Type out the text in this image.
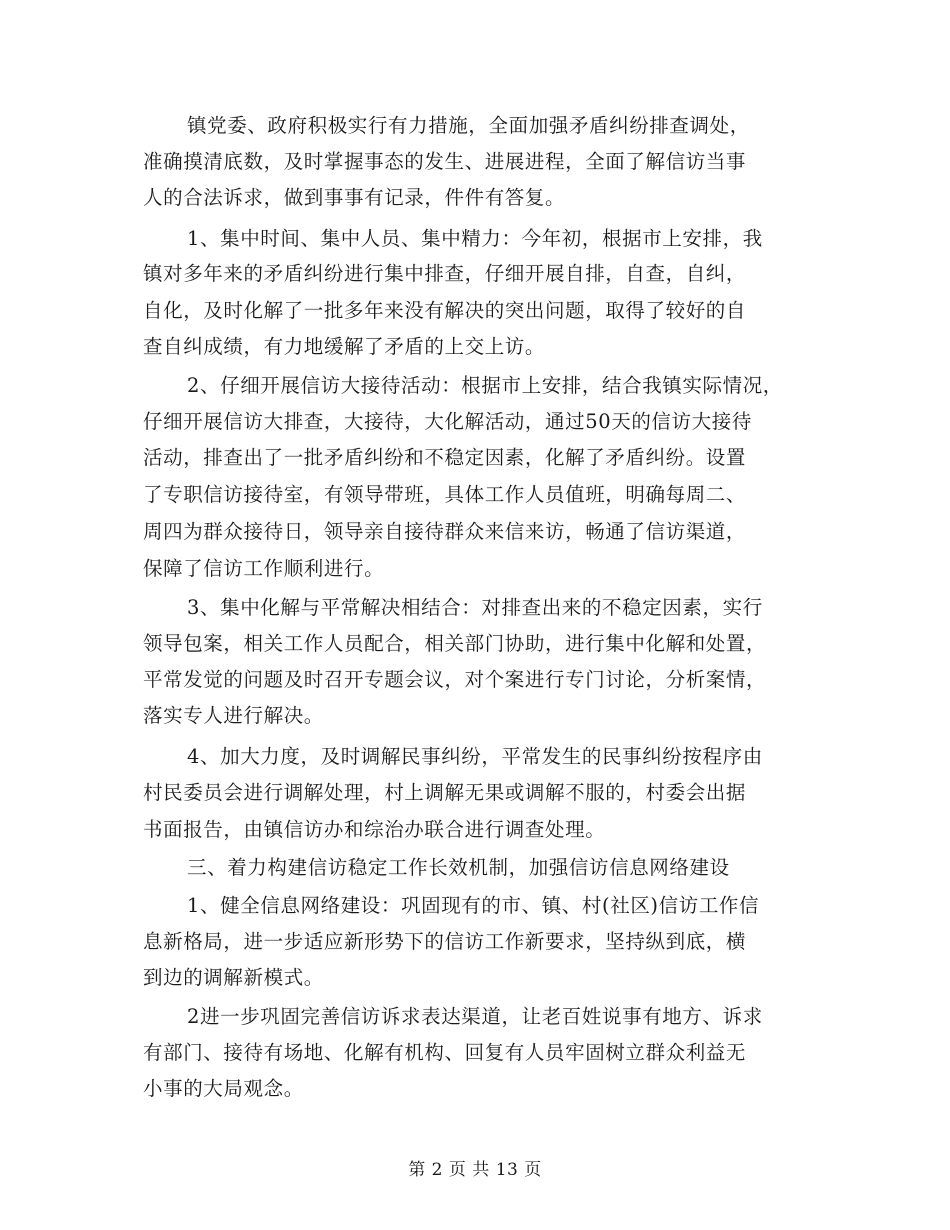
镇党委、政府积极实行有力措施，全面加强矛盾纠纷排查调处，
准确摸清底数，及时掌握事态的发生、进展进程，全面了解信访当事
人的合法诉求，做到事事有记录，件件有答复。
1、集中时间、集中人员、集中精力：今年初，根据市上安排，我
镇对多年来的矛盾纠纷进行集中排查，仔细开展自排，自查，自纠，
自化，及时化解了一批多年来没有解决的突出问题，取得了较好的自
查自纠成绩，有力地缓解了矛盾的上交上访。
2、仔细开展信访大接待活动：根据市上安排，结合我镇实际情况，
仔细开展信访大排查，大接待，大化解活动，通过50天的信访大接待
活动，排查出了一批矛盾纠纷和不稳定因素，化解了矛盾纠纷。设置
了专职信访接待室，有领导带班，具体工作人员值班，明确每周二、
周四为群众接待日，领导亲自接待群众来信来访，畅通了信访渠道，
保障了信访工作顺利进行。
3、集中化解与平常解决相结合：对排查出来的不稳定因素，实行
领导包案，相关工作人员配合，相关部门协助，进行集中化解和处置，
平常发觉的问题及时召开专题会议，对个案进行专门讨论，分析案情，
落实专人进行解决。
4、加大力度，及时调解民事纠纷，平常发生的民事纠纷按程序由
村民委员会进行调解处理，村上调解无果或调解不服的，村委会出据
书面报告，由镇信访办和综治办联合进行调查处理。
三、着力构建信访稳定工作长效机制，加强信访信息网络建设
1、健全信息网络建设：巩固现有的市、镇、村(社区)信访工作信
息新格局，进一步适应新形势下的信访工作新要求，坚持纵到底，横
到边的调解新模式。
2进一步巩固完善信访诉求表达渠道，让老百姓说事有地方、诉求
有部门、接待有场地、化解有机构、回复有人员牢固树立群众利益无
小事的大局观念。
第 2 页 共 13 页
